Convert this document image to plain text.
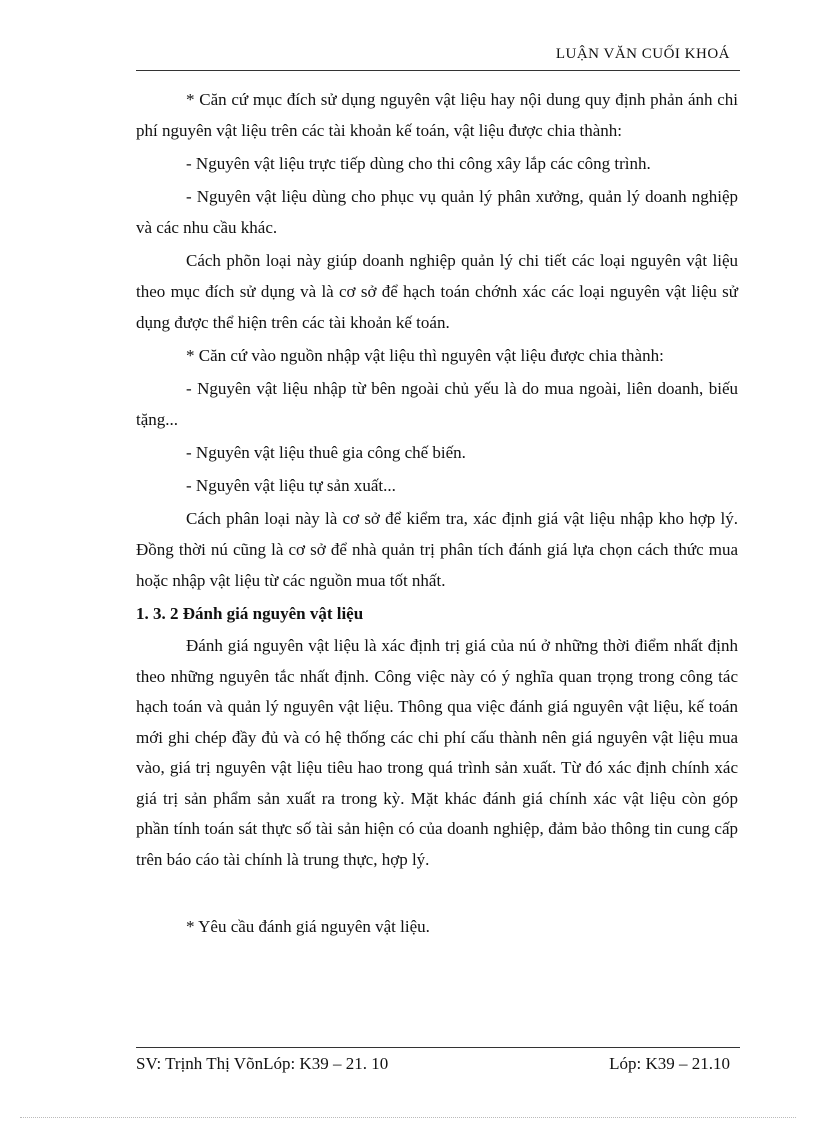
LUẬN VĂN CUỐI KHOÁ

* Căn cứ mục đích sử dụng nguyên vật liệu hay nội dung quy định phản ánh chi phí nguyên vật liệu trên các tài khoản kế toán, vật liệu được chia thành:

- Nguyên vật liệu trực tiếp dùng cho thi công xây lắp các công trình.

- Nguyên vật liệu dùng cho phục vụ quản lý phân xưởng, quản lý doanh nghiệp và các nhu cầu khác.

Cách phõn loại này giúp doanh nghiệp quản lý chi tiết các loại nguyên vật liệu theo mục đích sử dụng và là cơ sở để hạch toán chớnh xác các loại nguyên vật liệu sử dụng được thể hiện trên các tài khoản kế toán.

* Căn cứ vào nguồn nhập vật liệu thì nguyên vật liệu được chia thành:

- Nguyên vật liệu nhập từ bên ngoài chủ yếu là do mua ngoài, liên doanh, biếu tặng...

- Nguyên vật liệu thuê gia công chế biến.

- Nguyên vật liệu tự sản xuất...

Cách phân loại này là cơ sở để kiểm tra, xác định giá vật liệu nhập kho hợp lý. Đồng thời nú cũng là cơ sở để nhà quản trị phân tích đánh giá lựa chọn cách thức mua hoặc nhập vật liệu từ các nguồn mua tốt nhất.

1. 3. 2 Đánh giá nguyên vật liệu

Đánh giá nguyên vật liệu là xác định trị giá của nú ở những thời điểm nhất định theo những nguyên tắc nhất định. Công việc này có ý nghĩa quan trọng trong công tác hạch toán và quản lý nguyên vật liệu. Thông qua việc đánh giá nguyên vật liệu, kế toán mới ghi chép đầy đủ và có hệ thống các chi phí cấu thành nên giá nguyên vật liệu mua vào, giá trị nguyên vật liệu tiêu hao trong quá trình sản xuất. Từ đó xác định chính xác giá trị sản phẩm sản xuất ra trong kỳ. Mặt khác đánh giá chính xác vật liệu còn góp phần tính toán sát thực số tài sản hiện có của doanh nghiệp, đảm bảo thông tin cung cấp trên báo cáo tài chính là trung thực, hợp lý.

* Yêu cầu đánh giá nguyên vật liệu.

SV: Trịnh Thị VõnLóp: K39 – 21. 10	Lóp: K39 – 21.10
